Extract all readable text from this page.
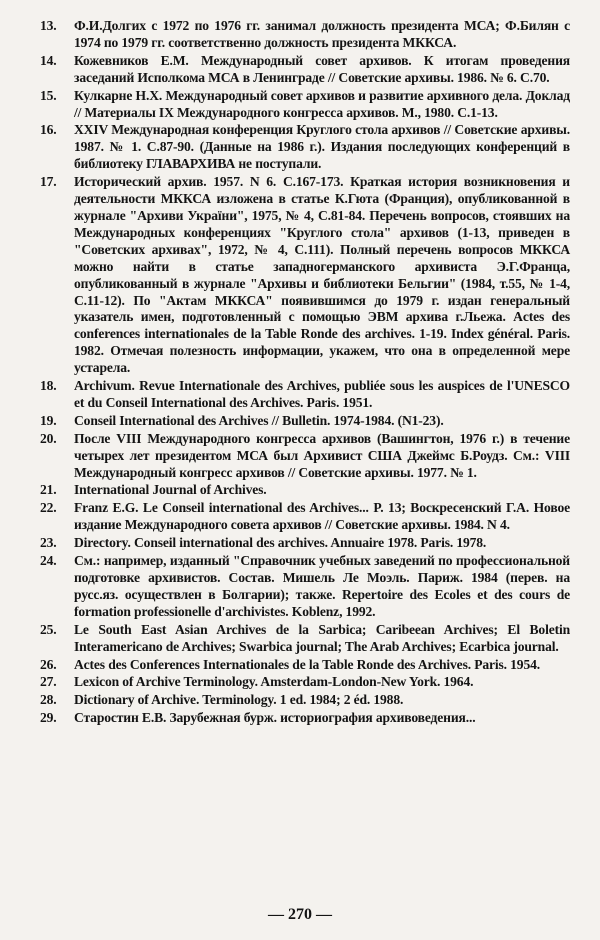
13.	Ф.И.Долгих с 1972 по 1976 гг. занимал должность президента МСА; Ф.Билян с 1974 по 1979 гг. соответственно должность президента МККСА.
14.	Кожевников Е.М. Международный совет архивов. К итогам проведения заседаний Исполкома МСА в Ленинграде // Советские архивы. 1986. № 6. С.70.
15.	Кулкарне Н.Х. Международный совет архивов и развитие архивного дела. Доклад // Материалы IX Международного конгресса архивов. М., 1980. С.1-13.
16.	XXIV Международная конференция Круглого стола архивов // Советские архивы. 1987. № 1. С.87-90. (Данные на 1986 г.). Издания последующих конференций в библиотеку ГЛАВАРХИВА не поступали.
17.	Исторический архив. 1957. N 6. С.167-173. Краткая история возникновения и деятельности МККСА изложена в статье К.Гюта (Франция), опубликованной в журнале "Архиви України", 1975, № 4, С.81-84. Перечень вопросов, стоявших на Международных конференциях "Круглого стола" архивов (1-13, приведен в "Советских архивах", 1972, № 4, С.111). Полный перечень вопросов МККСА можно найти в статье западногерманского архивиста Э.Г.Франца, опубликованный в журнале "Архивы и библиотеки Бельгии" (1984, т.55, № 1-4, С.11-12). По "Актам МККСА" появившимся до 1979 г. издан генеральный указатель имен, подготовленный с помощью ЭВМ архива г.Льежа. Actes des conferences internationales de la Table Ronde des archives. 1-19. Index général. Paris. 1982. Отмечая полезность информации, укажем, что она в определенной мере устарела.
18.	Archivum. Revue Internationale des Archives, publiée sous les auspices de l'UNESCO et du Conseil International des Archives. Paris. 1951.
19.	Conseil International des Archives // Bulletin. 1974-1984. (N1-23).
20.	После VIII Международного конгресса архивов (Вашингтон, 1976 г.) в течение четырех лет президентом МСА был Архивист США Джеймс Б.Роудз. См.: VIII Международный конгресс архивов // Советские архивы. 1977. № 1.
21.	International Journal of Archives.
22.	Franz E.G. Le Conseil international des Archives... P. 13; Воскресенский Г.А. Новое издание Международного совета архивов // Советские архивы. 1984. N 4.
23.	Directory. Conseil international des archives. Annuaire 1978. Paris. 1978.
24.	См.: например, изданный "Справочник учебных заведений по профессиональной подготовке архивистов. Состав. Мишель Ле Моэль. Париж. 1984 (перев. на русс.яз. осуществлен в Болгарии); также. Repertoire des Ecoles et des cours de formation professionelle d'archivistes. Koblenz, 1992.
25.	Le South East Asian Archives de la Sarbica; Caribeean Archives; El Boletin Interamericano de Archives; Swarbica journal; The Arab Archives; Ecarbica journal.
26.	Actes des Conferences Internationales de la Table Ronde des Archives. Paris. 1954.
27.	Lexicon of Archive Terminology. Amsterdam-London-New York. 1964.
28.	Dictionary of Archive. Terminology. 1 ed. 1984; 2 éd. 1988.
29.	Старостин Е.В. Зарубежная бурж. историография архивоведения...
— 270 —
